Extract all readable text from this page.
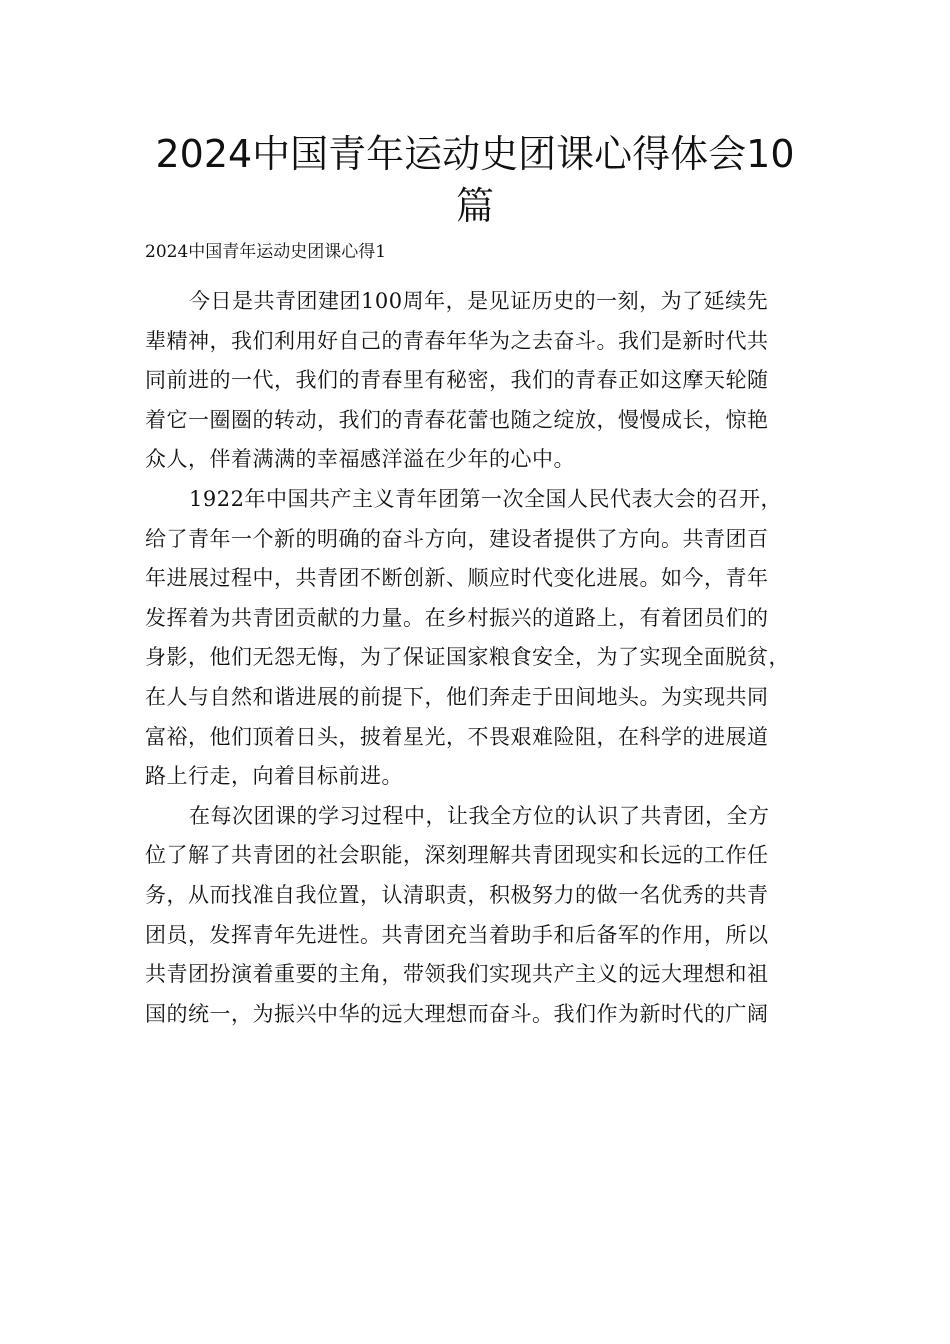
2024中国青年运动史团课心得体会10
篇

2024中国青年运动史团课心得1

今日是共青团建团100周年，是见证历史的一刻，为了延续先
辈精神，我们利用好自己的青春年华为之去奋斗。我们是新时代共
同前进的一代，我们的青春里有秘密，我们的青春正如这摩天轮随
着它一圈圈的转动，我们的青春花蕾也随之绽放，慢慢成长，惊艳
众人，伴着满满的幸福感洋溢在少年的心中。

1922年中国共产主义青年团第一次全国人民代表大会的召开，
给了青年一个新的明确的奋斗方向，建设者提供了方向。共青团百
年进展过程中，共青团不断创新、顺应时代变化进展。如今，青年
发挥着为共青团贡献的力量。在乡村振兴的道路上，有着团员们的
身影，他们无怨无悔，为了保证国家粮食安全，为了实现全面脱贫，
在人与自然和谐进展的前提下，他们奔走于田间地头。为实现共同
富裕，他们顶着日头，披着星光，不畏艰难险阻，在科学的进展道
路上行走，向着目标前进。

在每次团课的学习过程中，让我全方位的认识了共青团，全方
位了解了共青团的社会职能，深刻理解共青团现实和长远的工作任
务，从而找准自我位置，认清职责，积极努力的做一名优秀的共青
团员，发挥青年先进性。共青团充当着助手和后备军的作用，所以
共青团扮演着重要的主角，带领我们实现共产主义的远大理想和祖
国的统一，为振兴中华的远大理想而奋斗。我们作为新时代的广阔
